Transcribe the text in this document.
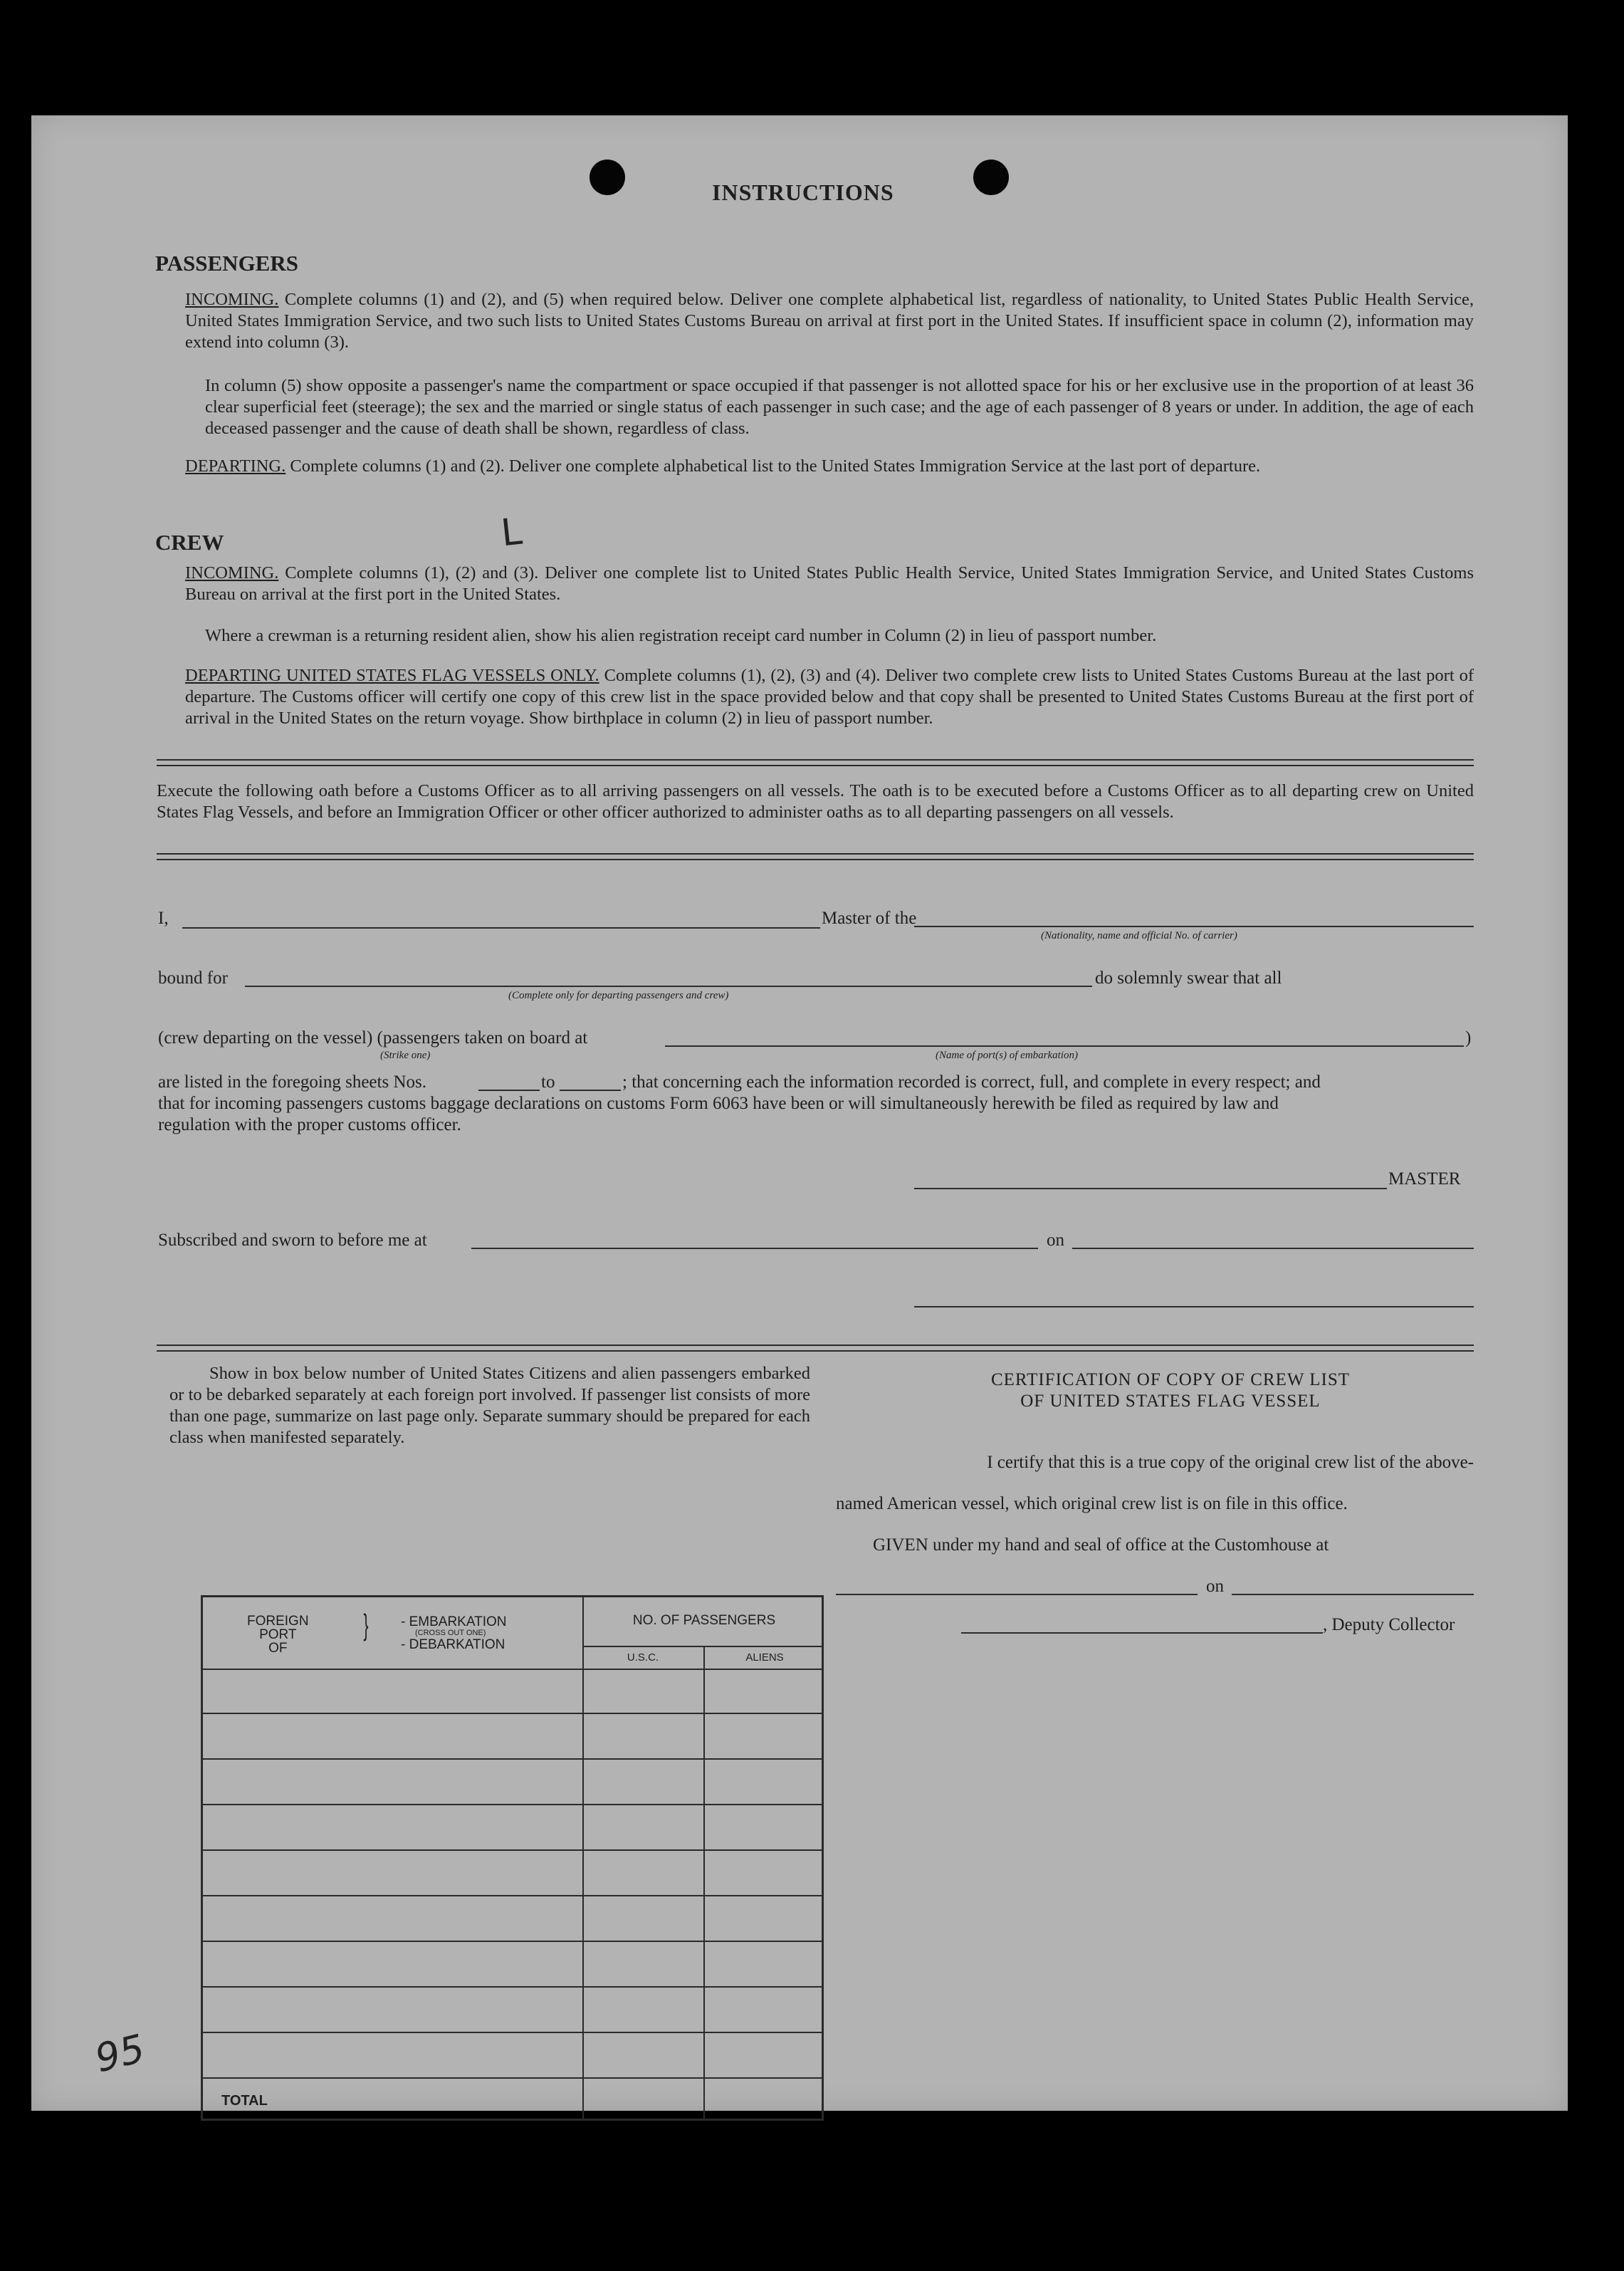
INSTRUCTIONS
PASSENGERS
INCOMING. Complete columns (1) and (2), and (5) when required below. Deliver one complete alphabetical list, regardless of nationality, to United States Public Health Service, United States Immigration Service, and two such lists to United States Customs Bureau on arrival at first port in the United States. If insufficient space in column (2), information may extend into column (3).
In column (5) show opposite a passenger's name the compartment or space occupied if that passenger is not allotted space for his or her exclusive use in the proportion of at least 36 clear superficial feet (steerage); the sex and the married or single status of each passenger in such case; and the age of each passenger of 8 years or under. In addition, the age of each deceased passenger and the cause of death shall be shown, regardless of class.
DEPARTING. Complete columns (1) and (2). Deliver one complete alphabetical list to the United States Immigration Service at the last port of departure.
CREW	L
INCOMING. Complete columns (1), (2) and (3). Deliver one complete list to United States Public Health Service, United States Immigration Service, and United States Customs Bureau on arrival at the first port in the United States.
Where a crewman is a returning resident alien, show his alien registration receipt card number in Column (2) in lieu of passport number.
DEPARTING UNITED STATES FLAG VESSELS ONLY. Complete columns (1), (2), (3) and (4). Deliver two complete crew lists to United States Customs Bureau at the last port of departure. The Customs officer will certify one copy of this crew list in the space provided below and that copy shall be presented to United States Customs Bureau at the first port of arrival in the United States on the return voyage. Show birthplace in column (2) in lieu of passport number.
Execute the following oath before a Customs Officer as to all arriving passengers on all vessels. The oath is to be executed before a Customs Officer as to all departing crew on United States Flag Vessels, and before an Immigration Officer or other officer authorized to administer oaths as to all departing passengers on all vessels.
I,	Master of the
(Nationality, name and official No. of carrier)
bound for
(Complete only for departing passengers and crew)
do solemnly swear that all
(crew departing on the vessel) (passengers taken on board at
(Strike one)	(Name of port(s) of embarkation)
)
are listed in the foregoing sheets Nos.	to	; that concerning each the information recorded is correct, full, and complete in every respect; and
that for incoming passengers customs baggage declarations on customs Form 6063 have been or will simultaneously herewith be filed as required by law and
regulation with the proper customs officer.
MASTER
Subscribed and sworn to before me at	on
Show in box below number of United States Citizens and alien passengers embarked or to be debarked separately at each foreign port involved. If passenger list consists of more than one page, summarize on last page only. Separate summary should be prepared for each class when manifested separately.
FOREIGN
PORT
OF
} - EMBARKATION
(CROSS OUT ONE)
- DEBARKATION
NO. OF PASSENGERS
U.S.C.	ALIENS
TOTAL
CERTIFICATION OF COPY OF CREW LIST
OF UNITED STATES FLAG VESSEL
I certify that this is a true copy of the original crew list of the above-
named American vessel, which original crew list is on file in this office.
GIVEN under my hand and seal of office at the Customhouse at
on
, Deputy Collector
95
